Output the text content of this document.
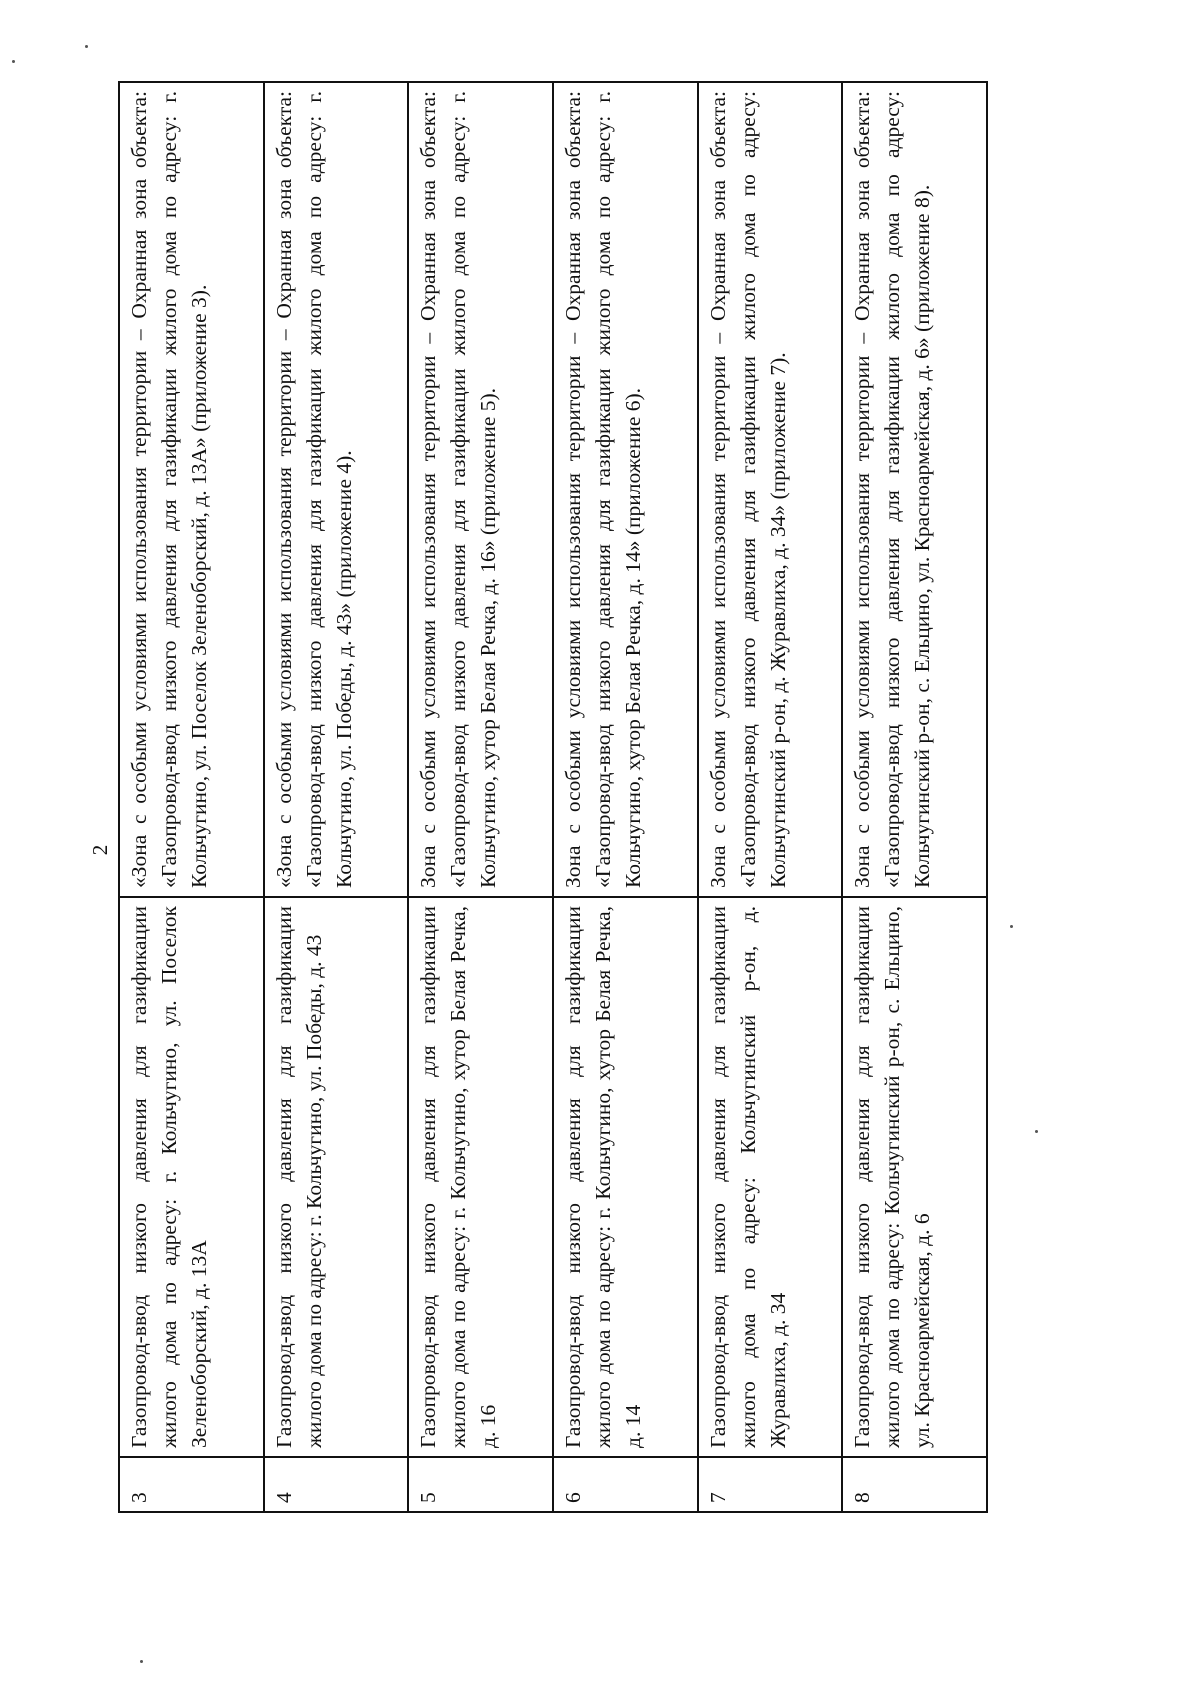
2
3	Газопровод-ввод низкого давления для газификации жилого дома по адресу: г. Кольчугино, ул. Поселок Зеленоборский, д. 13А	«Зона с особыми условиями использования территории – Охранная зона объекта: «Газопровод-ввод низкого давления для газификации жилого дома по адресу: г. Кольчугино, ул. Поселок Зеленоборский, д. 13А» (приложение 3).
4	Газопровод-ввод низкого давления для газификации жилого дома по адресу: г. Кольчугино, ул. Победы, д. 43	«Зона с особыми условиями использования территории – Охранная зона объекта: «Газопровод-ввод низкого давления для газификации жилого дома по адресу: г. Кольчугино, ул. Победы, д. 43» (приложение 4).
5	Газопровод-ввод низкого давления для газификации жилого дома по адресу: г. Кольчугино, хутор Белая Речка, д. 16	Зона с особыми условиями использования территории – Охранная зона объекта: «Газопровод-ввод низкого давления для газификации жилого дома по адресу: г. Кольчугино, хутор Белая Речка, д. 16» (приложение 5).
6	Газопровод-ввод низкого давления для газификации жилого дома по адресу: г. Кольчугино, хутор Белая Речка, д. 14	Зона с особыми условиями использования территории – Охранная зона объекта: «Газопровод-ввод низкого давления для газификации жилого дома по адресу: г. Кольчугино, хутор Белая Речка, д. 14» (приложение 6).
7	Газопровод-ввод низкого давления для газификации жилого дома по адресу: Кольчугинский р-он, д. Журавлиха, д. 34	Зона с особыми условиями использования территории – Охранная зона объекта: «Газопровод-ввод низкого давления для газификации жилого дома по адресу: Кольчугинский р-он, д. Журавлиха, д. 34» (приложение 7).
8	Газопровод-ввод низкого давления для газификации жилого дома по адресу: Кольчугинский р-он, с. Ельцино, ул. Красноармейская, д. 6	Зона с особыми условиями использования территории – Охранная зона объекта: «Газопровод-ввод низкого давления для газификации жилого дома по адресу: Кольчугинский р-он, с. Ельцино, ул. Красноармейская, д. 6» (приложение 8).
